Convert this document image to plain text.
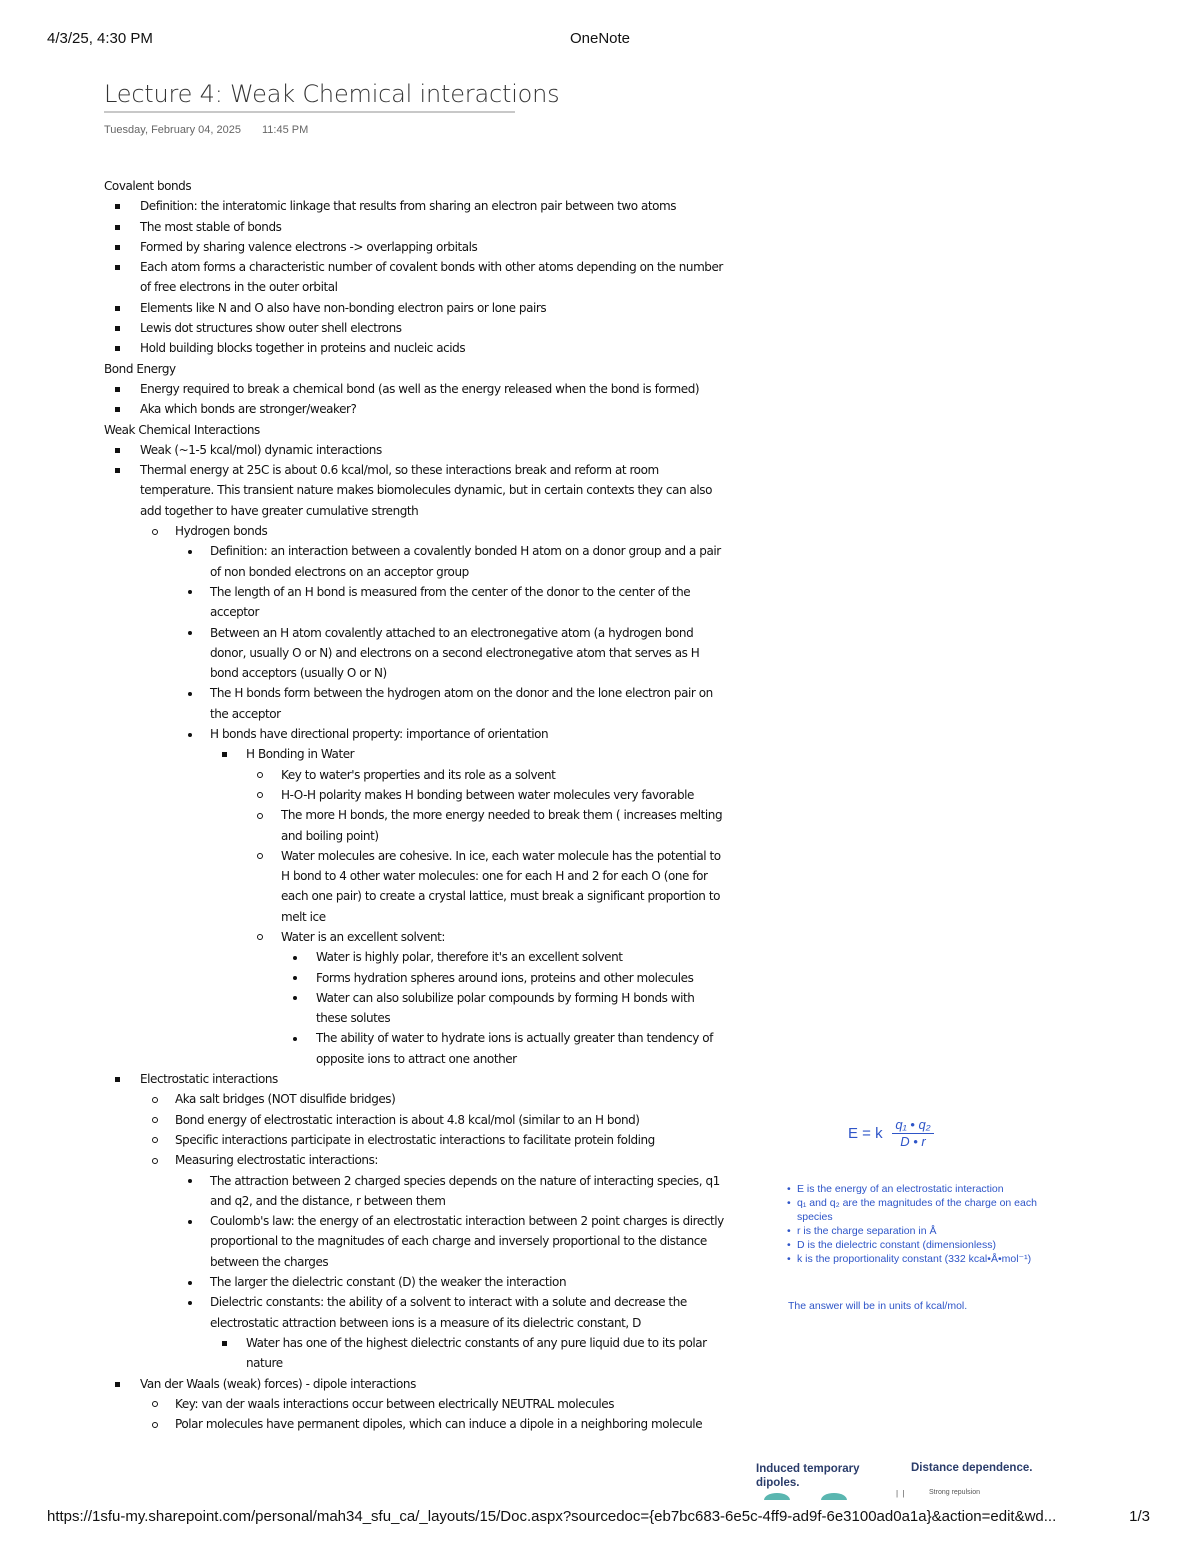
4/3/25, 4:30 PM	OneNote
Lecture 4: Weak Chemical interactions
Tuesday, February 04, 2025 11:45 PM
Covalent bonds
Definition: the interatomic linkage that results from sharing an electron pair between two atoms
The most stable of bonds
Formed by sharing valence electrons -> overlapping orbitals
Each atom forms a characteristic number of covalent bonds with other atoms depending on the number of free electrons in the outer orbital
Elements like N and O also have non-bonding electron pairs or lone pairs
Lewis dot structures show outer shell electrons
Hold building blocks together in proteins and nucleic acids
Bond Energy
Energy required to break a chemical bond (as well as the energy released when the bond is formed)
Aka which bonds are stronger/weaker?
Weak Chemical Interactions
Weak (~1-5 kcal/mol) dynamic interactions
Thermal energy at 25C is about 0.6 kcal/mol, so these interactions break and reform at room temperature. This transient nature makes biomolecules dynamic, but in certain contexts they can also add together to have greater cumulative strength
Hydrogen bonds
Definition: an interaction between a covalently bonded H atom on a donor group and a pair of non bonded electrons on an acceptor group
The length of an H bond is measured from the center of the donor to the center of the acceptor
Between an H atom covalently attached to an electronegative atom (a hydrogen bond donor, usually O or N) and electrons on a second electronegative atom that serves as H bond acceptors (usually O or N)
The H bonds form between the hydrogen atom on the donor and the lone electron pair on the acceptor
H bonds have directional property: importance of orientation
H Bonding in Water
Key to water's properties and its role as a solvent
H-O-H polarity makes H bonding between water molecules very favorable
The more H bonds, the more energy needed to break them ( increases melting and boiling point)
Water molecules are cohesive. In ice, each water molecule has the potential to H bond to 4 other water molecules: one for each H and 2 for each O (one for each one pair) to create a crystal lattice, must break a significant proportion to melt ice
Water is an excellent solvent:
Water is highly polar, therefore it's an excellent solvent
Forms hydration spheres around ions, proteins and other molecules
Water can also solubilize polar compounds by forming H bonds with these solutes
The ability of water to hydrate ions is actually greater than tendency of opposite ions to attract one another
Electrostatic interactions
Aka salt bridges (NOT disulfide bridges)
Bond energy of electrostatic interaction is about 4.8 kcal/mol (similar to an H bond)
Specific interactions participate in electrostatic interactions to facilitate protein folding
Measuring electrostatic interactions:
The attraction between 2 charged species depends on the nature of interacting species, q1 and q2, and the distance, r between them
Coulomb's law: the energy of an electrostatic interaction between 2 point charges is directly proportional to the magnitudes of each charge and inversely proportional to the distance between the charges
The larger the dielectric constant (D) the weaker the interaction
Dielectric constants: the ability of a solvent to interact with a solute and decrease the electrostatic attraction between ions is a measure of its dielectric constant, D
Water has one of the highest dielectric constants of any pure liquid due to its polar nature
Van der Waals (weak) forces) - dipole interactions
Key: van der waals interactions occur between electrically NEUTRAL molecules
Polar molecules have permanent dipoles, which can induce a dipole in a neighboring molecule
E = k $\frac{\text{q₁ • q₂}}{D • r}$
• E is the energy of an electrostatic interaction
• q₁ and q₂ are the magnitudes of the charge on each species
• r is the charge separation in Å
• D is the dielectric constant (dimensionless)
• k is the proportionality constant (332 kcal•Å•mol⁻¹)
The answer will be in units of kcal/mol.
Induced temporary dipoles.
Distance dependence.
|  |	Strong repulsion
https://1sfu-my.sharepoint.com/personal/mah34_sfu_ca/_layouts/15/Doc.aspx?sourcedoc={eb7bc683-6e5c-4ff9-ad9f-6e3100ad0a1a}&action=edit&wd...	1/3
